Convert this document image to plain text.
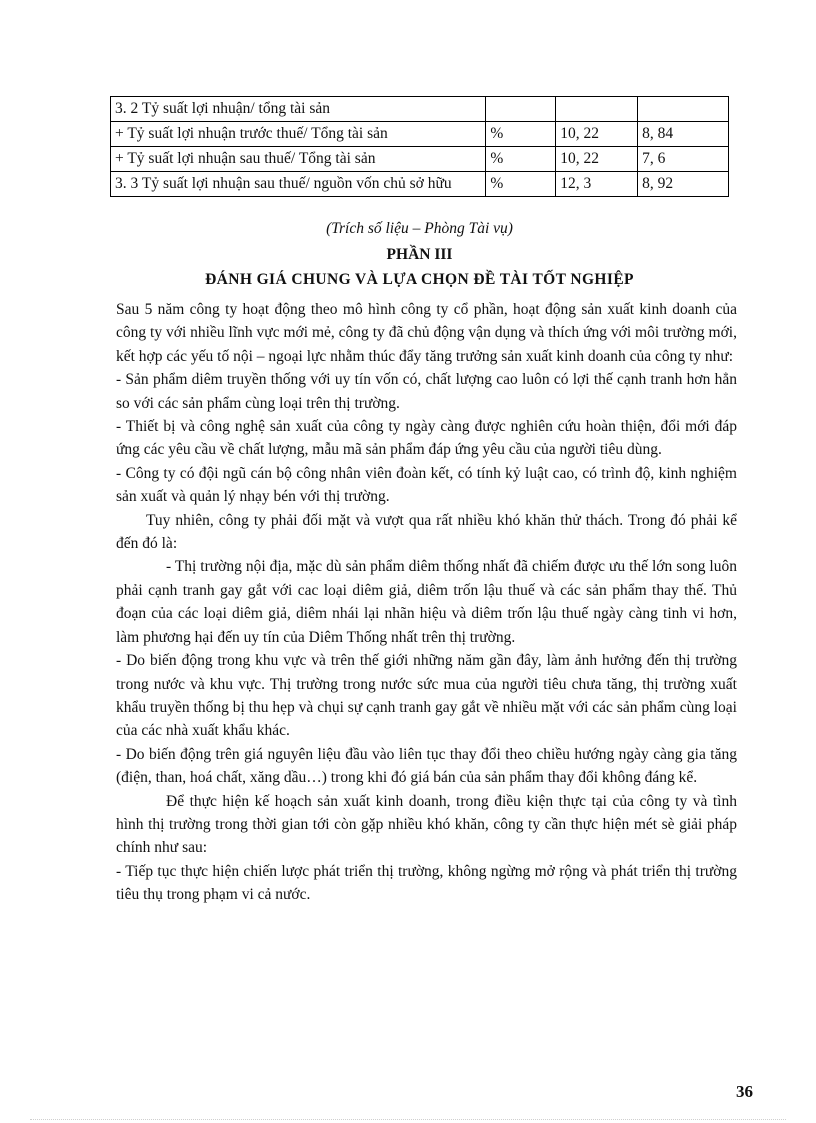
3. 2 Tỷ suất lợi nhuận/ tổng tài sản			
+ Tỷ suất lợi nhuận trước thuế/ Tổng tài sản	%	10, 22	8, 84
+ Tỷ suất lợi nhuận sau thuế/ Tổng tài sản	%	10, 22	7, 6
3. 3 Tỷ suất lợi nhuận sau thuế/ nguồn vốn chủ sở hữu	%	12, 3	8, 92
(Trích số liệu – Phòng Tài vụ)
PHẦN III
ĐÁNH GIÁ CHUNG VÀ LỰA CHỌN ĐỀ TÀI TỐT NGHIỆP

Sau 5 năm công ty hoạt động theo mô hình công ty cổ phần, hoạt động sản xuất kinh doanh của công ty với nhiều lĩnh vực mới mẻ, công ty đã chủ động vận dụng và thích ứng với môi trường mới, kết hợp các yếu tố nội – ngoại lực nhằm thúc đẩy tăng trưởng sản xuất kinh doanh của công ty như:

- Sản phẩm diêm truyền thống với uy tín vốn có, chất lượng cao luôn có lợi thế cạnh tranh hơn hẳn so với các sản phẩm cùng loại trên thị trường.

- Thiết bị và công nghệ sản xuất của công ty ngày càng được nghiên cứu hoàn thiện, đổi mới đáp ứng các yêu cầu về chất lượng, mẫu mã sản phẩm đáp ứng yêu cầu của người tiêu dùng.

- Công ty có đội ngũ cán bộ công nhân viên đoàn kết, có tính kỷ luật cao, có trình độ, kinh nghiệm sản xuất và quản lý nhạy bén với thị trường.

Tuy nhiên, công ty phải đối mặt và vượt qua rất nhiều khó khăn thử thách. Trong đó phải kể đến đó là:

- Thị trường nội địa, mặc dù sản phẩm diêm thống nhất đã chiếm được ưu thế lớn song luôn phải cạnh tranh gay gắt với cac loại diêm giả, diêm trốn lậu thuế và các sản phẩm thay thế. Thủ đoạn của các loại diêm giả, diêm nhái lại nhãn hiệu và diêm trốn lậu thuế ngày càng tinh vi hơn, làm phương hại đến uy tín của Diêm Thống nhất trên thị trường.

- Do biến động trong khu vực và trên thế giới những năm gần đây, làm ảnh hưởng đến thị trường trong nước và khu vực. Thị trường trong nước sức mua của người tiêu chưa tăng, thị trường xuất khẩu truyền thống bị thu hẹp và chụi sự cạnh tranh gay gắt về nhiều mặt với các sản phẩm cùng loại của các nhà xuất khẩu khác.

- Do biến động trên giá nguyên liệu đầu vào liên tục thay đổi theo chiều hướng ngày càng gia tăng (điện, than, hoá chất, xăng dầu…) trong khi đó giá bán của sản phẩm thay đổi không đáng kể.

Để thực hiện kế hoạch sản xuất kinh doanh, trong điều kiện thực tại của công ty và tình hình thị trường trong thời gian tới còn gặp nhiều khó khăn, công ty cần thực hiện mét sè giải pháp chính như sau:

- Tiếp tục thực hiện chiến lược phát triển thị trường, không ngừng mở rộng và phát triển thị trường tiêu thụ trong phạm vi cả nước.

36
